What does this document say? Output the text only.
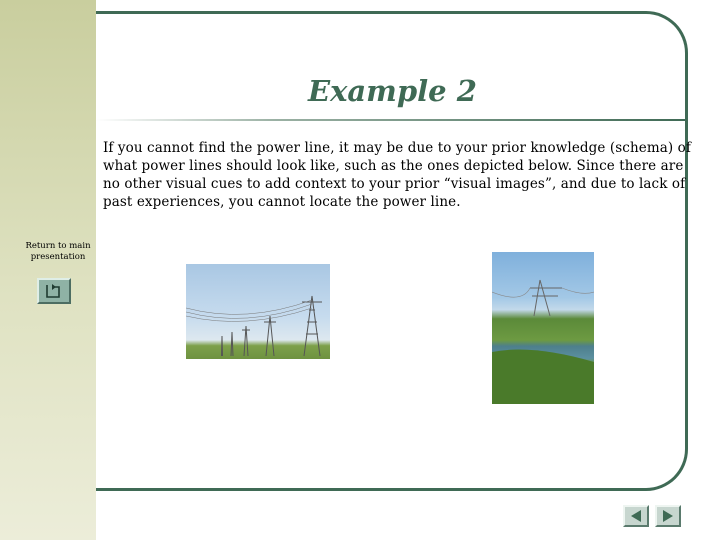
Example 2
If you cannot find the power line, it may be due to your prior knowledge (schema) of what power lines should look like, such as the ones depicted below. Since there are no other visual cues to add context to your prior “visual images”, and due to lack of past experiences, you cannot locate the power line.
Return to main presentation
